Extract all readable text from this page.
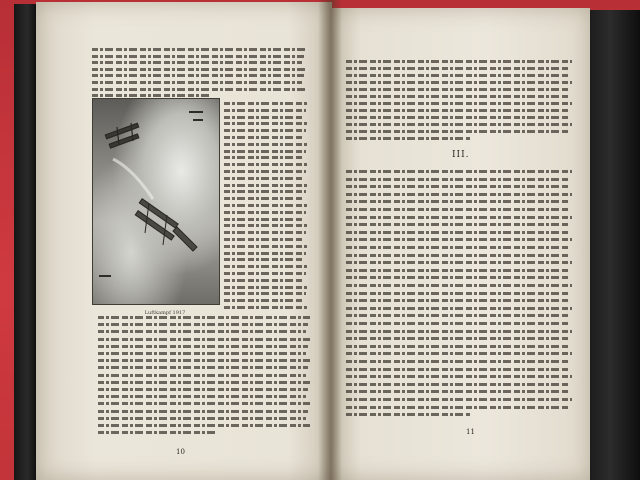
Luftkampf 1917
III.
10
11
